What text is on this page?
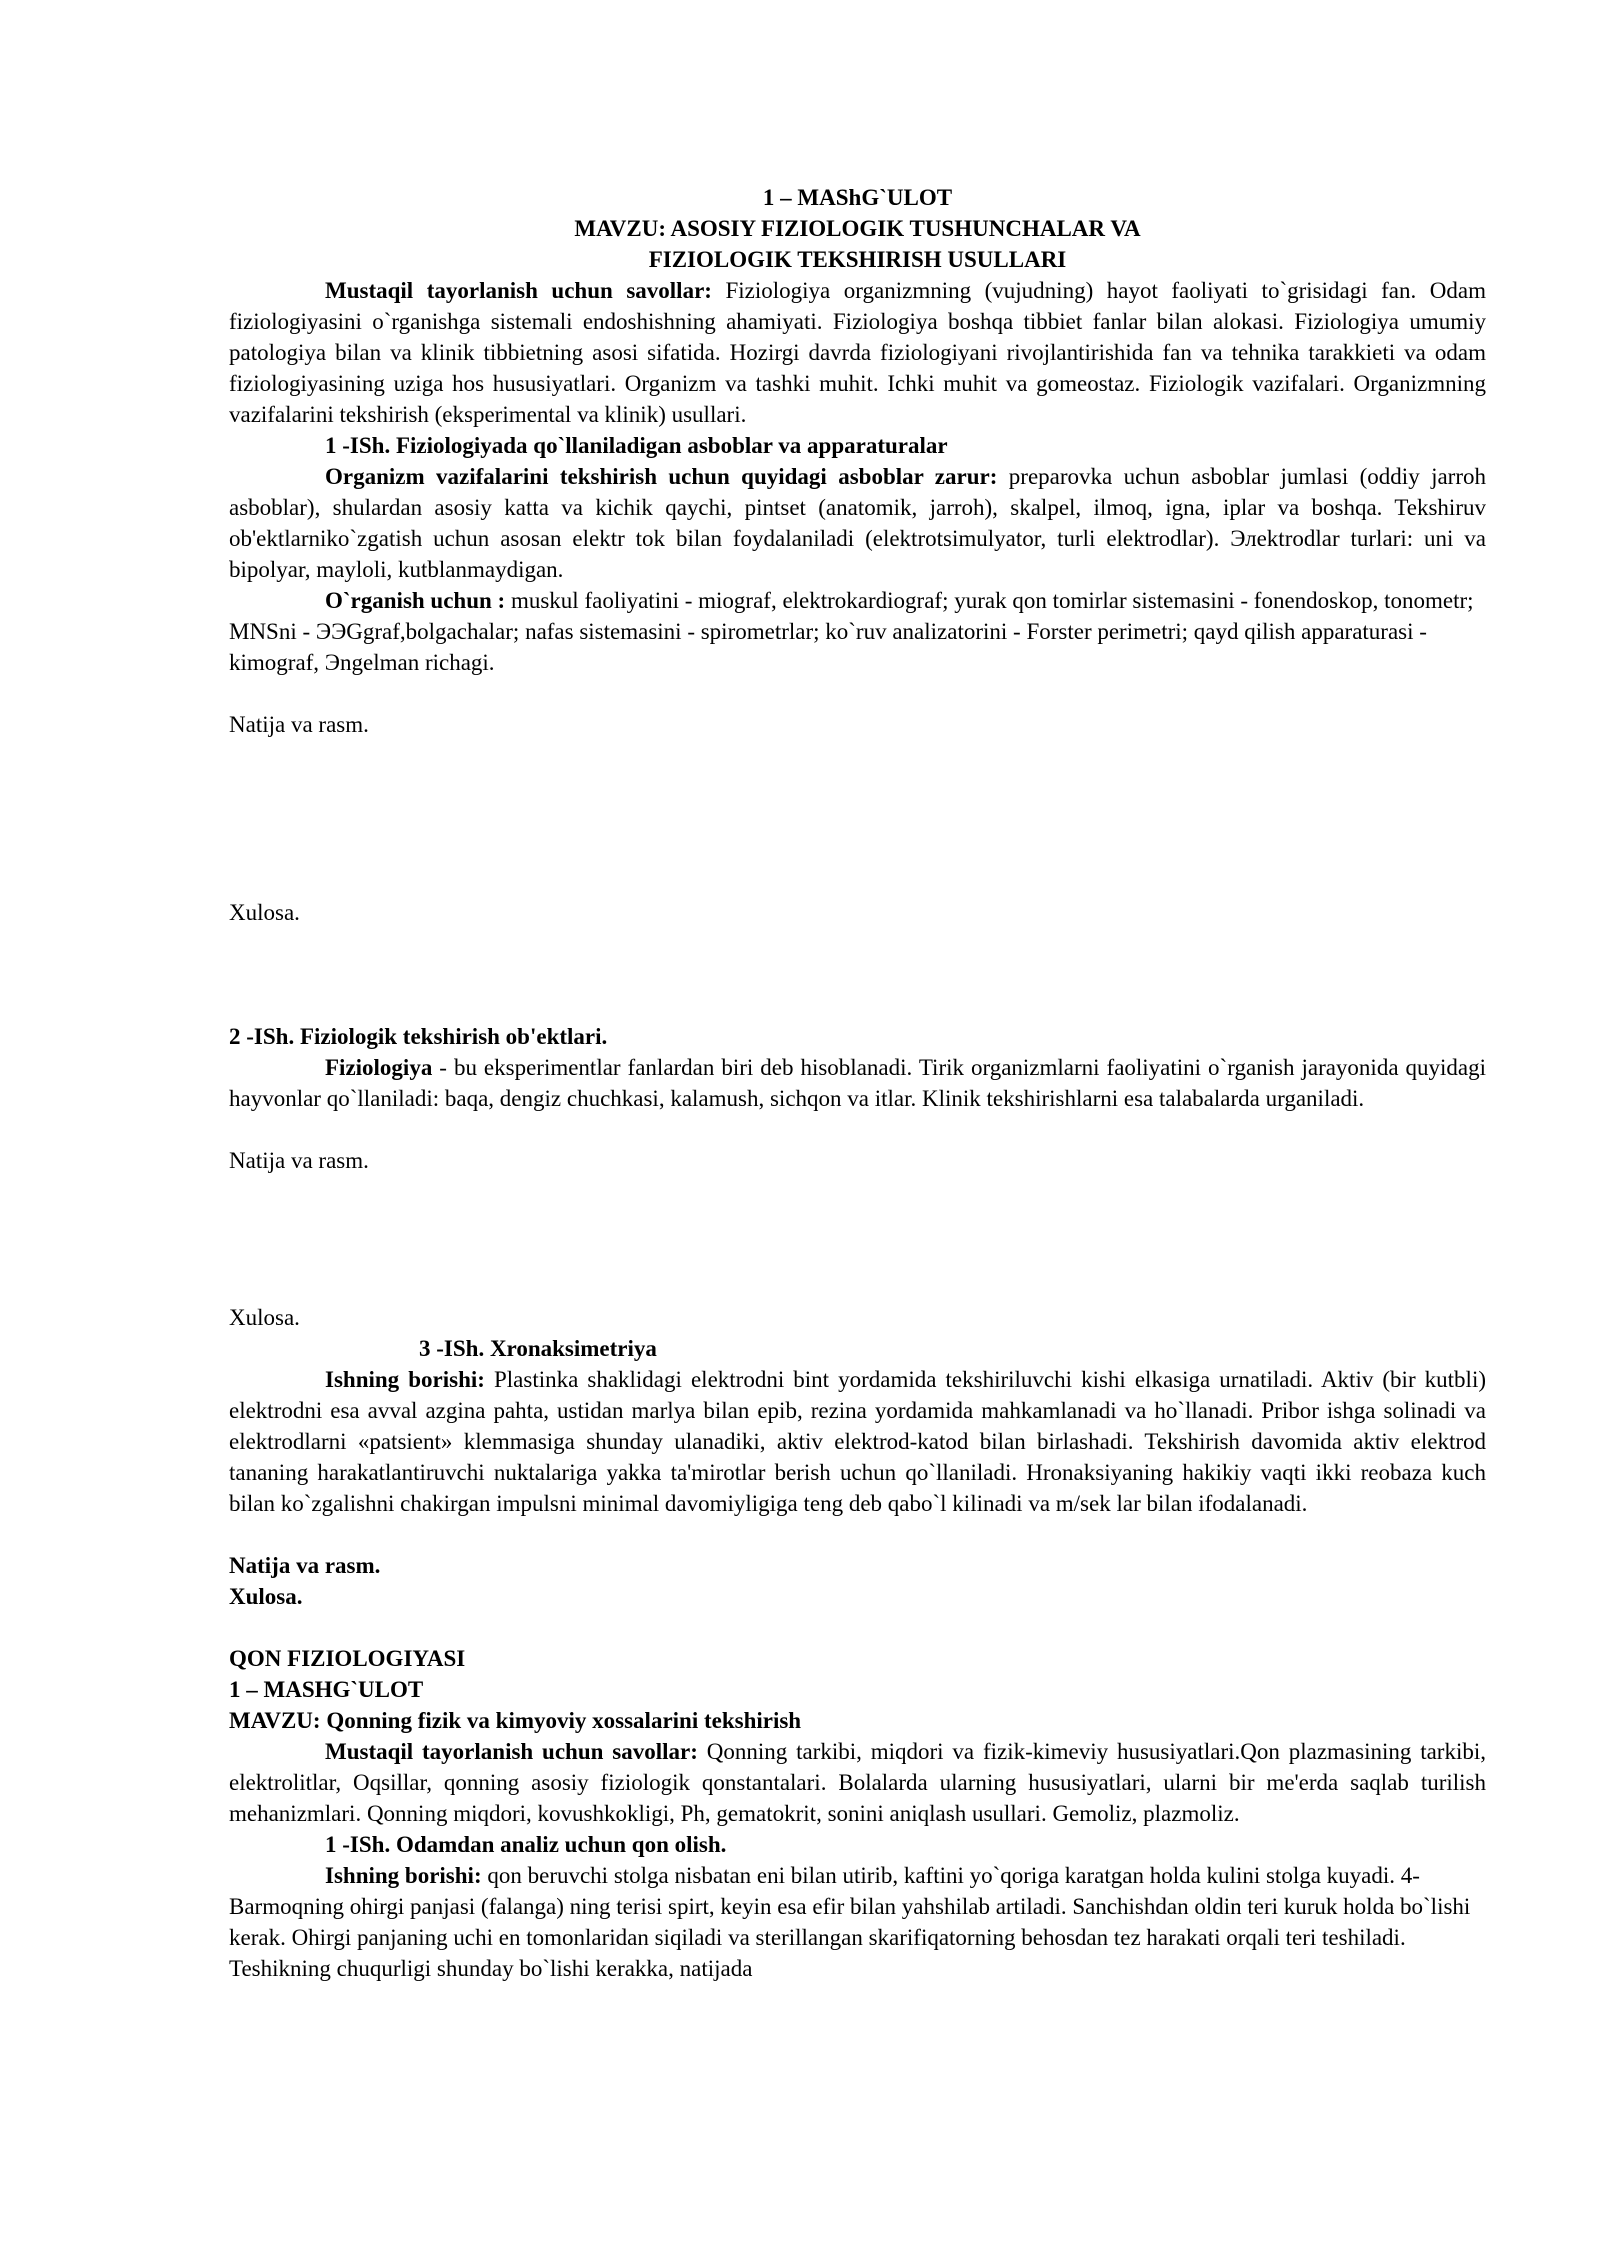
1 – MAShG`ULOT

MAVZU: ASOSIY FIZIOLOGIK TUSHUNCHALAR VA

FIZIOLOGIK TEKSHIRISH USULLARI

Mustaqil tayorlanish uchun savollar: Fiziologiya organizmning (vujudning) hayot faoliyati to`grisidagi fan. Odam fiziologiyasini o`rganishga sistemali endoshishning ahamiyati. Fiziologiya boshqa tibbiet fanlar bilan alokasi. Fiziologiya umumiy patologiya bilan va klinik tibbietning asosi sifatida. Hozirgi davrda fiziologiyani rivojlantirishida fan va tehnika tarakkieti va odam fiziologiyasining uziga hos hususiyatlari. Organizm va tashki muhit. Ichki muhit va gomeostaz. Fiziologik vazifalari. Organizmning vazifalarini tekshirish (eksperimental va klinik) usullari.

1 -ISh. Fiziologiyada qo`llaniladigan asboblar va apparaturalar

Organizm vazifalarini tekshirish uchun quyidagi asboblar zarur: preparovka uchun asboblar jumlasi (oddiy jarroh asboblar), shulardan asosiy katta va kichik qaychi, pintset (anatomik, jarroh), skalpel, ilmoq, igna, iplar va boshqa. Tekshiruv ob'ektlarniko`zgatish uchun asosan elektr tok bilan foydalaniladi (elektrotsimulyator, turli elektrodlar). Элektrodlar turlari: uni va bipolyar, mayloli, kutblanmaydigan.

O`rganish uchun : muskul faoliyatini - miograf, elektrokardiograf; yurak qon tomirlar sistemasini - fonendoskop, tonometr; MNSni - ЭЭGgraf,bolgachalar; nafas sistemasini - spirometrlar; ko`ruv analizatorini - Forster perimetri; qayd qilish apparaturasi - kimograf, Эngelman richagi.

Natija va rasm.

Xulosa.

2 -ISh. Fiziologik tekshirish ob'ektlari.

Fiziologiya - bu eksperimentlar fanlardan biri deb hisoblanadi. Tirik organizmlarni faoliyatini o`rganish jarayonida quyidagi hayvonlar qo`llaniladi: baqa, dengiz chuchkasi, kalamush, sichqon va itlar. Klinik tekshirishlarni esa talabalarda urganiladi.

Natija va rasm.

Xulosa.

3 -ISh. Xronaksimetriya

Ishning borishi: Plastinka shaklidagi elektrodni bint yordamida tekshiriluvchi kishi elkasiga urnatiladi. Aktiv (bir kutbli) elektrodni esa avval azgina pahta, ustidan marlya bilan epib, rezina yordamida mahkamlanadi va ho`llanadi. Pribor ishga solinadi va elektrodlarni «patsient» klemmasiga shunday ulanadiki, aktiv elektrod-katod bilan birlashadi. Tekshirish davomida aktiv elektrod tananing harakatlantiruvchi nuktalariga yakka ta'mirotlar berish uchun qo`llaniladi. Hronaksiyaning hakikiy vaqti ikki reobaza kuch bilan ko`zgalishni chakirgan impulsni minimal davomiyligiga teng deb qabo`l kilinadi va m/sek lar bilan ifodalanadi.

Natija va rasm.

Xulosa.

QON FIZIOLOGIYASI

1 – MASHG`ULOT

MAVZU: Qonning fizik va kimyoviy xossalarini tekshirish

Mustaqil tayorlanish uchun savollar: Qonning tarkibi, miqdori va fizik-kimeviy hususiyatlari.Qon plazmasining tarkibi, elektrolitlar, Oqsillar, qonning asosiy fiziologik qonstantalari. Bolalarda ularning hususiyatlari, ularni bir me'erda saqlab turilish mehanizmlari. Qonning miqdori, kovushkokligi, Ph, gematokrit, sonini aniqlash usullari. Gemoliz, plazmoliz.

1 -ISh. Odamdan analiz uchun qon olish.

Ishning borishi: qon beruvchi stolga nisbatan eni bilan utirib, kaftini yo`qoriga karatgan holda kulini stolga kuyadi. 4-Barmoqning ohirgi panjasi (falanga) ning terisi spirt, keyin esa efir bilan yahshilab artiladi. Sanchishdan oldin teri kuruk holda bo`lishi kerak. Ohirgi panjaning uchi en tomonlaridan siqiladi va sterillangan skarifiqatorning behosdan tez harakati orqali teri teshiladi. Teshikning chuqurligi shunday bo`lishi kerakka, natijada
